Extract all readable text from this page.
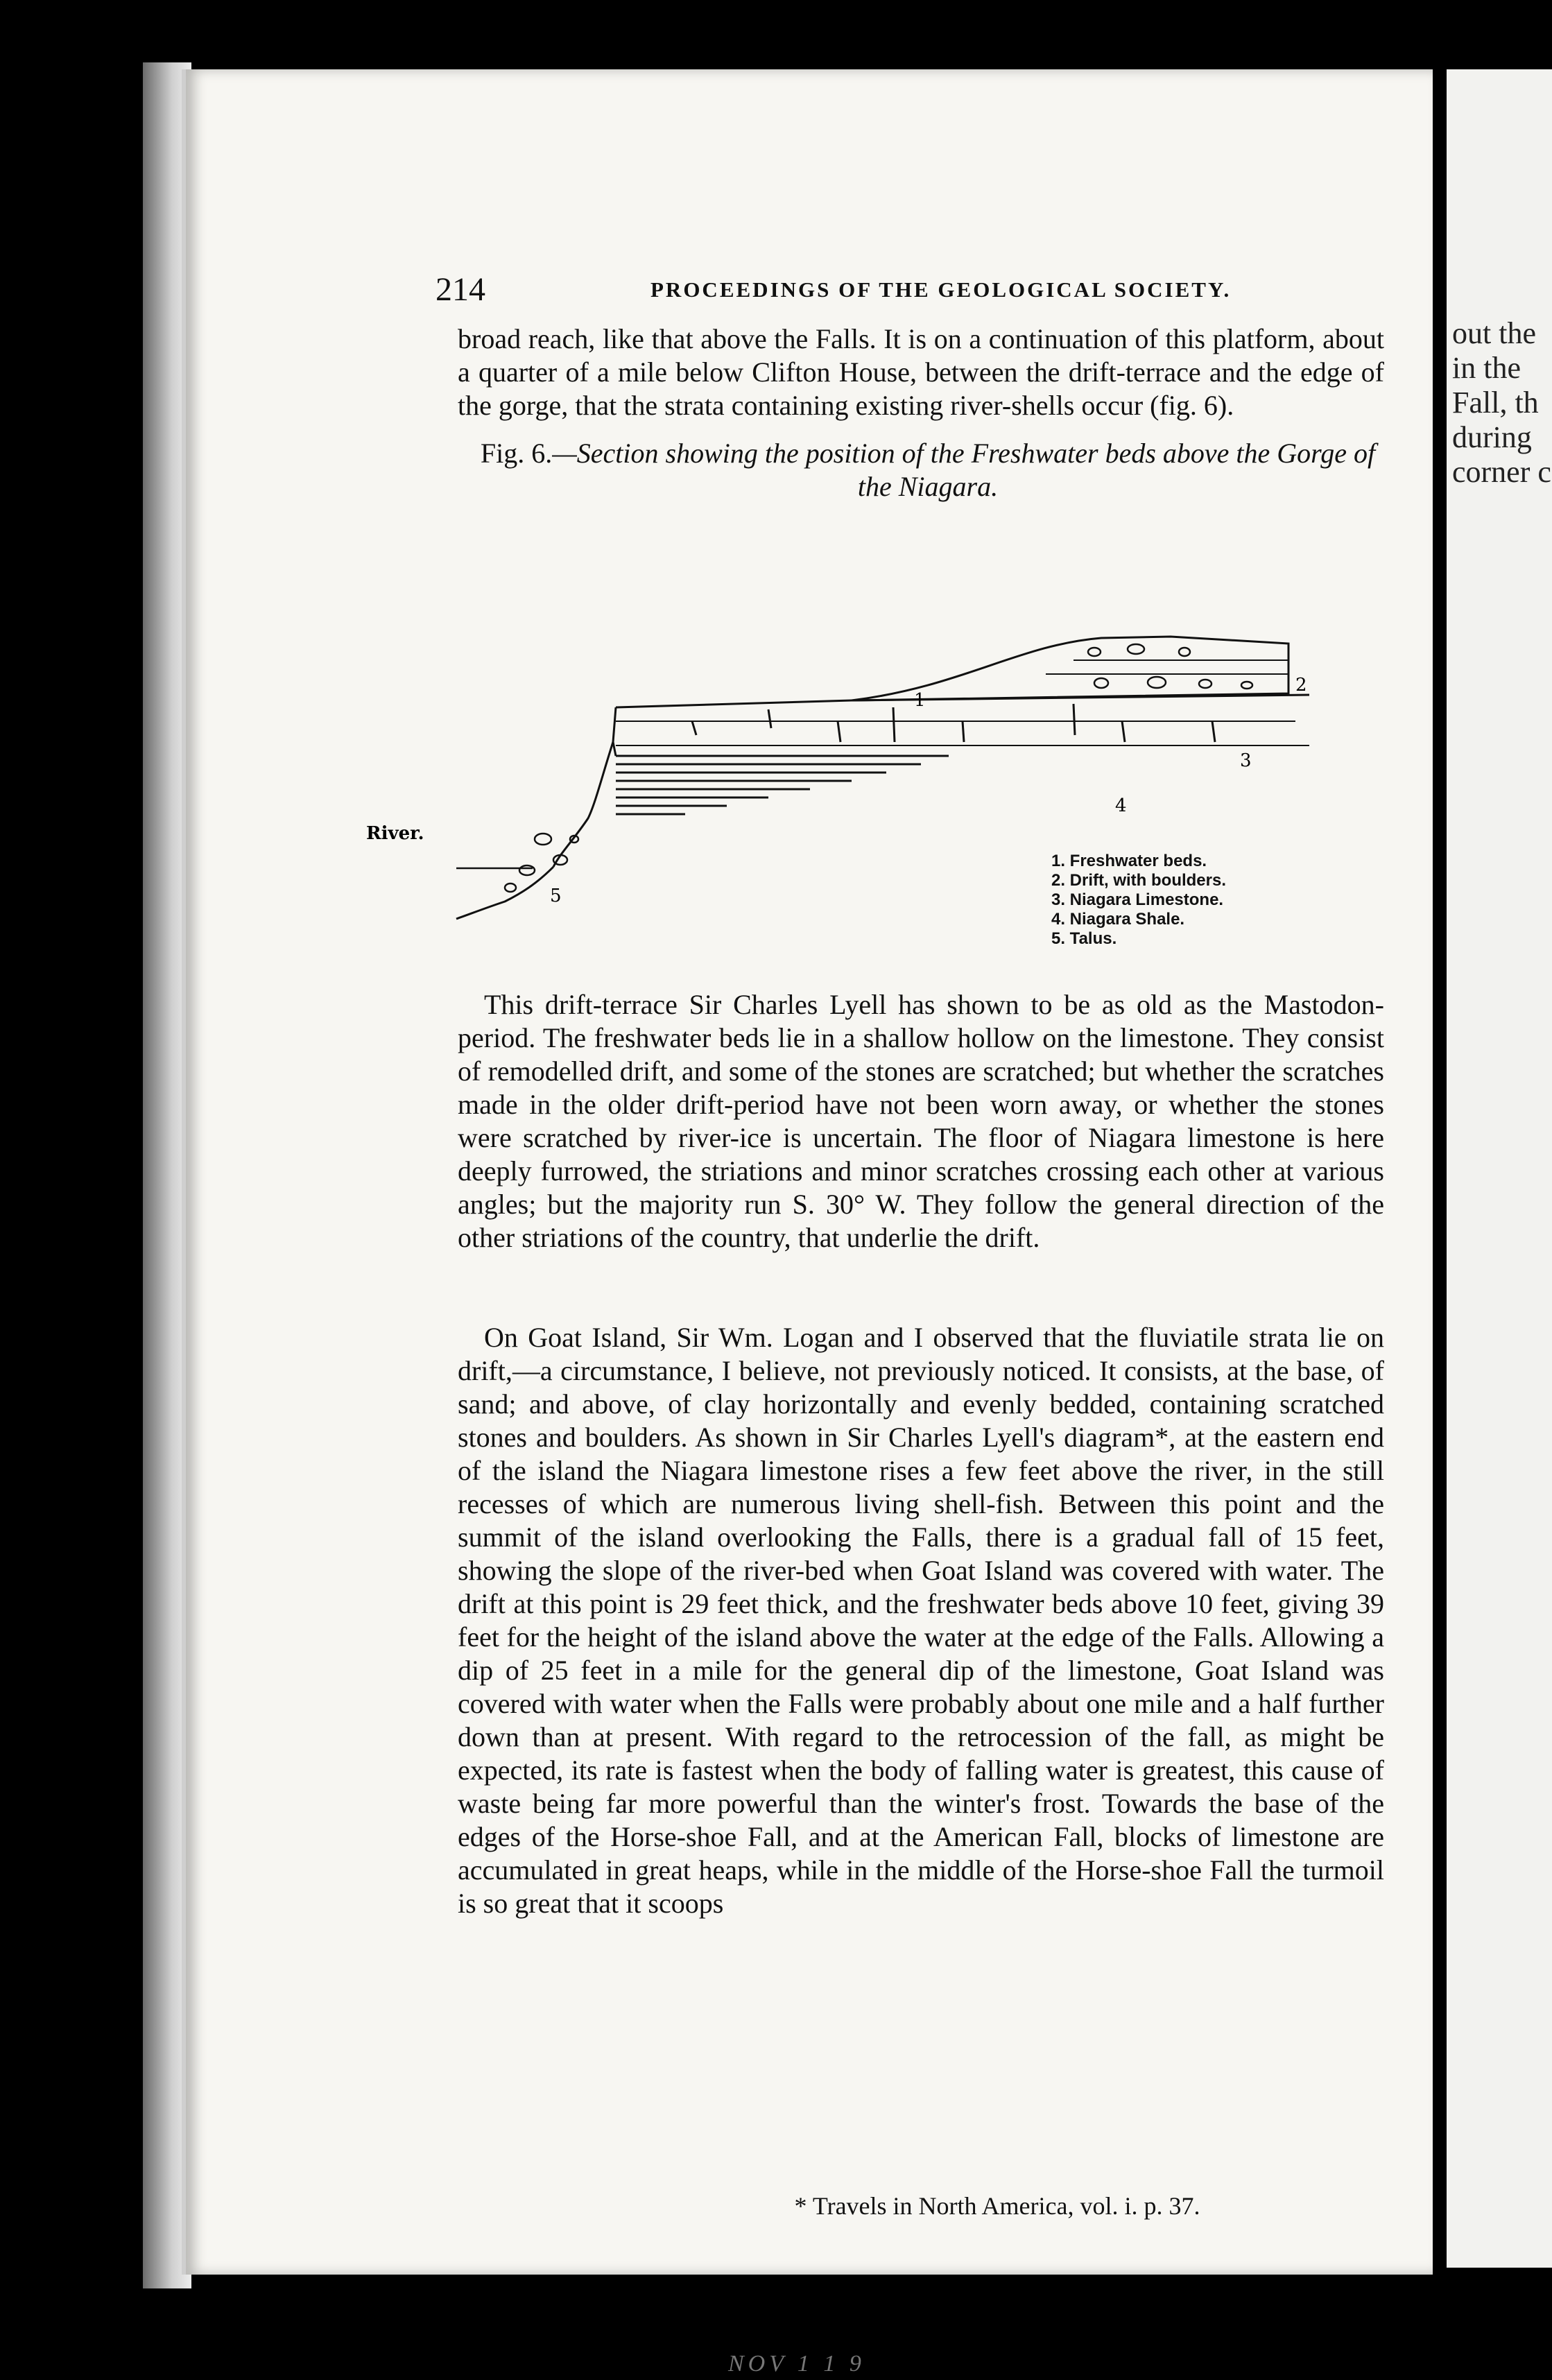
out the
in the
Fall, th
during
corner c
214	PROCEEDINGS OF THE GEOLOGICAL SOCIETY.
broad reach, like that above the Falls. It is on a continuation of this platform, about a quarter of a mile below Clifton House, between the drift-terrace and the edge of the gorge, that the strata containing existing river-shells occur (fig. 6).
Fig. 6.—Section showing the position of the Freshwater beds above the Gorge of the Niagara.
River.
1
2
3
4
5
1. Freshwater beds.
2. Drift, with boulders.
3. Niagara Limestone.
4. Niagara Shale.
5. Talus.
This drift-terrace Sir Charles Lyell has shown to be as old as the Mastodon-period. The freshwater beds lie in a shallow hollow on the limestone. They consist of remodelled drift, and some of the stones are scratched; but whether the scratches made in the older drift-period have not been worn away, or whether the stones were scratched by river-ice is uncertain. The floor of Niagara limestone is here deeply furrowed, the striations and minor scratches crossing each other at various angles; but the majority run S. 30° W. They follow the general direction of the other striations of the country, that underlie the drift.
On Goat Island, Sir Wm. Logan and I observed that the fluviatile strata lie on drift,—a circumstance, I believe, not previously noticed. It consists, at the base, of sand; and above, of clay horizontally and evenly bedded, containing scratched stones and boulders. As shown in Sir Charles Lyell's diagram*, at the eastern end of the island the Niagara limestone rises a few feet above the river, in the still recesses of which are numerous living shell-fish. Between this point and the summit of the island overlooking the Falls, there is a gradual fall of 15 feet, showing the slope of the river-bed when Goat Island was covered with water. The drift at this point is 29 feet thick, and the freshwater beds above 10 feet, giving 39 feet for the height of the island above the water at the edge of the Falls. Allowing a dip of 25 feet in a mile for the general dip of the limestone, Goat Island was covered with water when the Falls were probably about one mile and a half further down than at present. With regard to the retrocession of the fall, as might be expected, its rate is fastest when the body of falling water is greatest, this cause of waste being far more powerful than the winter's frost. Towards the base of the edges of the Horse-shoe Fall, and at the American Fall, blocks of limestone are accumulated in great heaps, while in the middle of the Horse-shoe Fall the turmoil is so great that it scoops
* Travels in North America, vol. i. p. 37.
NOV 1 1 9
